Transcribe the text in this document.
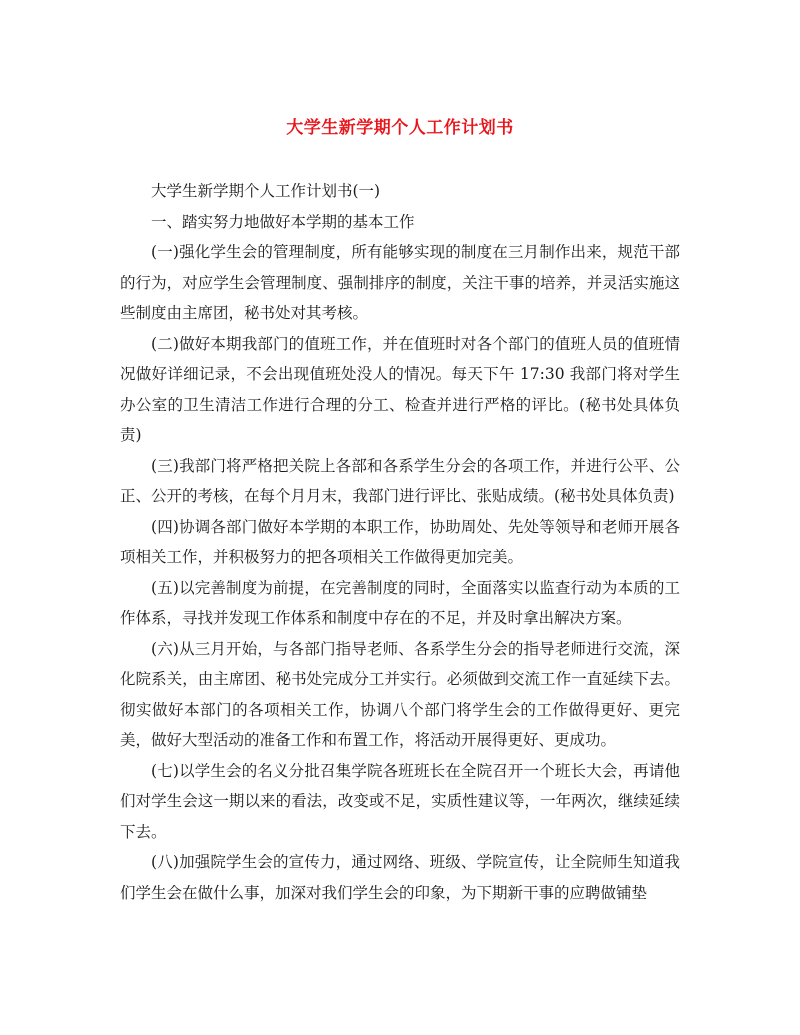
大学生新学期个人工作计划书

大学生新学期个人工作计划书(一)

一、踏实努力地做好本学期的基本工作

(一)强化学生会的管理制度，所有能够实现的制度在三月制作出来，规范干部的行为，对应学生会管理制度、强制排序的制度，关注干事的培养，并灵活实施这些制度由主席团，秘书处对其考核。

(二)做好本期我部门的值班工作，并在值班时对各个部门的值班人员的值班情况做好详细记录，不会出现值班处没人的情况。每天下午 17:30 我部门将对学生办公室的卫生清洁工作进行合理的分工、检查并进行严格的评比。(秘书处具体负责)

(三)我部门将严格把关院上各部和各系学生分会的各项工作，并进行公平、公正、公开的考核，在每个月月末，我部门进行评比、张贴成绩。(秘书处具体负责)

(四)协调各部门做好本学期的本职工作，协助周处、先处等领导和老师开展各项相关工作，并积极努力的把各项相关工作做得更加完美。

(五)以完善制度为前提，在完善制度的同时，全面落实以监查行动为本质的工作体系，寻找并发现工作体系和制度中存在的不足，并及时拿出解决方案。

(六)从三月开始，与各部门指导老师、各系学生分会的指导老师进行交流，深化院系关，由主席团、秘书处完成分工并实行。必须做到交流工作一直延续下去。彻实做好本部门的各项相关工作，协调八个部门将学生会的工作做得更好、更完美，做好大型活动的准备工作和布置工作，将活动开展得更好、更成功。

(七)以学生会的名义分批召集学院各班班长在全院召开一个班长大会，再请他们对学生会这一期以来的看法，改变或不足，实质性建议等，一年两次，继续延续下去。

(八)加强院学生会的宣传力，通过网络、班级、学院宣传，让全院师生知道我们学生会在做什么事，加深对我们学生会的印象，为下期新干事的应聘做铺垫
